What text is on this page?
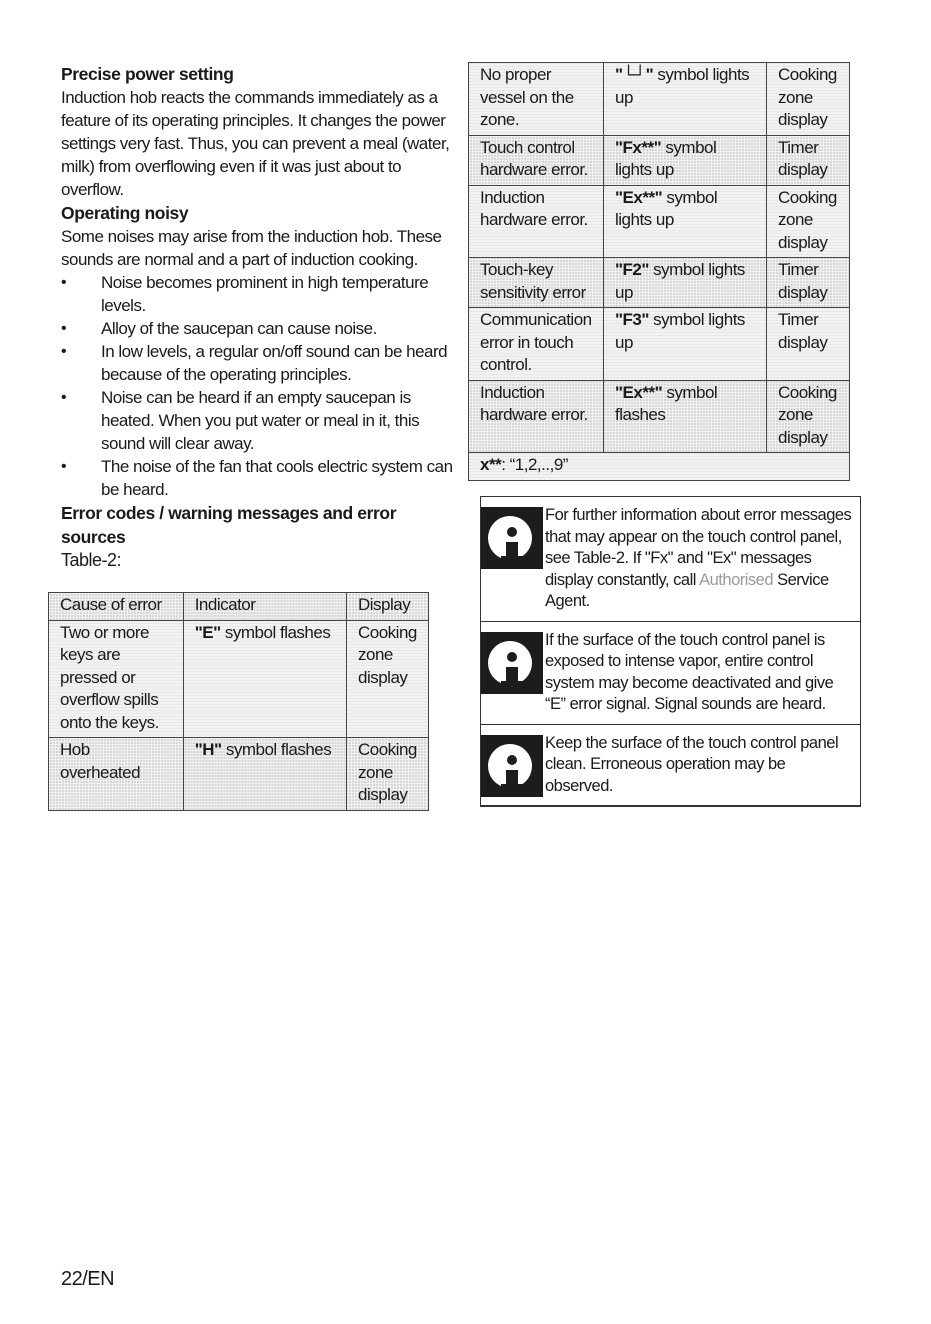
Precise power setting

Induction hob reacts the commands immediately as a feature of its operating principles. It changes the power settings very fast. Thus, you can prevent a meal (water, milk) from overflowing even if it was just about to overflow.

Operating noisy

Some noises may arise from the induction hob. These sounds are normal and a part of induction cooking.

• Noise becomes prominent in high temperature levels.
• Alloy of the saucepan can cause noise.
• In low levels, a regular on/off sound can be heard because of the operating principles.
• Noise can be heard if an empty saucepan is heated. When you put water or meal in it, this sound will clear away.
• The noise of the fan that cools electric system can be heard.
Error codes / warning messages and error sources

Table-2:

Cause of error	Indicator	Display
Two or more keys are pressed or overflow spills onto the keys.	"E" symbol flashes	Cooking zone display
Hob overheated	"H" symbol flashes	Cooking zone display
No proper vessel on the zone.	"└┘" symbol lights up	Cooking zone display
Touch control hardware error.	"Fx**" symbol lights up	Timer display
Induction hardware error.	"Ex**" symbol lights up	Cooking zone display
Touch-key sensitivity error	"F2" symbol lights up	Timer display
Communication error in touch control.	"F3" symbol lights up	Timer display
Induction hardware error.	"Ex**" symbol flashes	Cooking zone display
x**: “1,2,..,9”		
For further information about error messages that may appear on the touch control panel, see Table-2. If "Fx" and "Ex" messages display constantly, call Authorised Service Agent.
If the surface of the touch control panel is exposed to intense vapor, entire control system may become deactivated and give “E” error signal. Signal sounds are heard.
Keep the surface of the touch control panel clean. Erroneous operation may be observed.
22/EN
